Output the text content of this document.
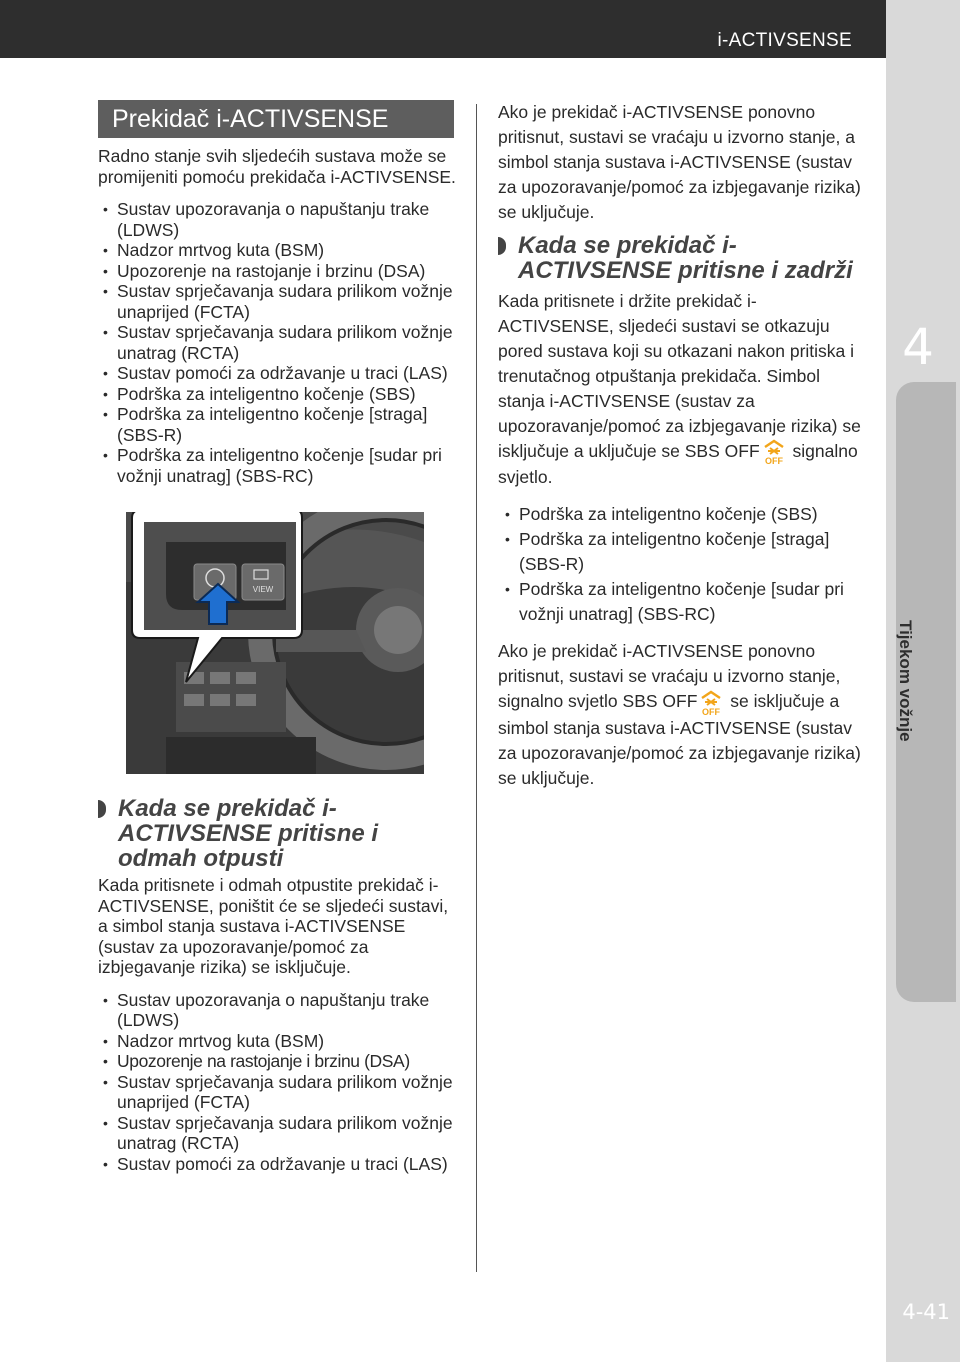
i-ACTIVSENSE
4
Tijekom vožnje
4-41
Prekidač i-ACTIVSENSE

Radno stanje svih sljedećih sustava može se promijeniti pomoću prekidača i-ACTIVSENSE.

• Sustav upozoravanja o napuštanju trake (LDWS)
• Nadzor mrtvog kuta (BSM)
• Upozorenje na rastojanje i brzinu (DSA)
• Sustav sprječavanja sudara prilikom vožnje unaprijed (FCTA)
• Sustav sprječavanja sudara prilikom vožnje unatrag (RCTA)
• Sustav pomoći za održavanje u traci (LAS)
• Podrška za inteligentno kočenje (SBS)
• Podrška za inteligentno kočenje [straga] (SBS-R)
• Podrška za inteligentno kočenje [sudar pri vožnji unatrag] (SBS-RC)
VIEW
Kada se prekidač i-ACTIVSENSE pritisne i odmah otpusti

Kada pritisnete i odmah otpustite prekidač i-ACTIVSENSE, poništit će se sljedeći sustavi, a simbol stanja sustava i-ACTIVSENSE (sustav za upozoravanje/pomoć za izbjegavanje rizika) se isključuje.

• Sustav upozoravanja o napuštanju trake (LDWS)
• Nadzor mrtvog kuta (BSM)
• Upozorenje na rastojanje i brzinu (DSA)
• Sustav sprječavanja sudara prilikom vožnje unaprijed (FCTA)
• Sustav sprječavanja sudara prilikom vožnje unatrag (RCTA)
• Sustav pomoći za održavanje u traci (LAS)

Ako je prekidač i-ACTIVSENSE ponovno pritisnut, sustavi se vraćaju u izvorno stanje, a simbol stanja sustava i-ACTIVSENSE (sustav za upozoravanje/pomoć za izbjegavanje rizika) se uključuje.

Kada se prekidač i-ACTIVSENSE pritisne i zadrži

Kada pritisnete i držite prekidač i-ACTIVSENSE, sljedeći sustavi se otkazuju pored sustava koji su otkazani nakon pritiska i trenutačnog otpuštanja prekidača. Simbol stanja i-ACTIVSENSE (sustav za upozoravanje/pomoć za izbjegavanje rizika) se isključuje a uključuje se SBS OFF
OFF
signalno svjetlo.

• Podrška za inteligentno kočenje (SBS)
• Podrška za inteligentno kočenje [straga] (SBS-R)
• Podrška za inteligentno kočenje [sudar pri vožnji unatrag] (SBS-RC)

Ako je prekidač i-ACTIVSENSE ponovno pritisnut, sustavi se vraćaju u izvorno stanje, signalno svjetlo SBS OFF
OFF
se isključuje a simbol stanja sustava i-ACTIVSENSE (sustav za upozoravanje/pomoć za izbjegavanje rizika) se uključuje.
